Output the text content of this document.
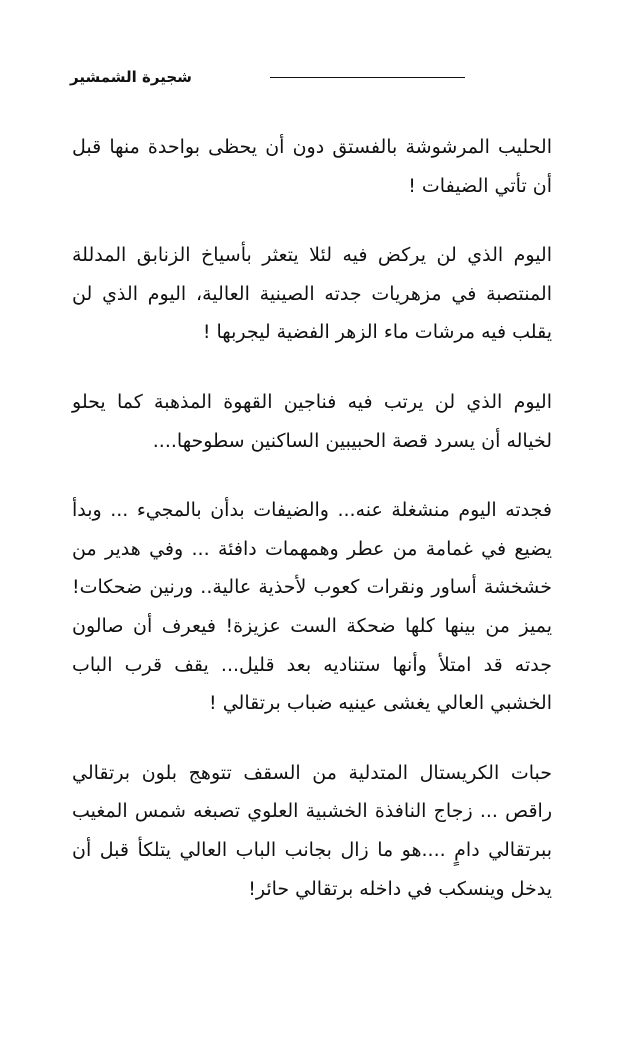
شجيرة الشمشير

الحليب المرشوشة بالفستق دون أن يحظى بواحدة منها قبل أن تأتي الضيفات !

اليوم الذي لن يركض فيه لئلا يتعثر بأسياخ الزنابق المدللة المنتصبة في مزهريات جدته الصينية العالية، اليوم الذي لن يقلب فيه مرشات ماء الزهر الفضية ليجربها !

اليوم الذي لن يرتب فيه فناجين القهوة المذهبة كما يحلو لخياله أن يسرد قصة الحبيبين الساكنين سطوحها....

فجدته اليوم منشغلة عنه... والضيفات بدأن بالمجيء ... وبدأ يضيع في غمامة من عطر وهمهمات دافئة ... وفي هدير من خشخشة أساور ونقرات كعوب لأحذية عالية.. ورنين ضحكات! يميز من بينها كلها ضحكة الست عزيزة! فيعرف أن صالون جدته قد امتلأ وأنها ستناديه بعد قليل... يقف قرب الباب الخشبي العالي يغشى عينيه ضباب برتقالي !

حبات الكريستال المتدلية من السقف تتوهج بلون برتقالي راقص ... زجاج النافذة الخشبية العلوي تصبغه شمس المغيب ببرتقالي دامٍ ....هو ما زال بجانب الباب العالي يتلكأ قبل أن يدخل وينسكب في داخله برتقالي حائر!
